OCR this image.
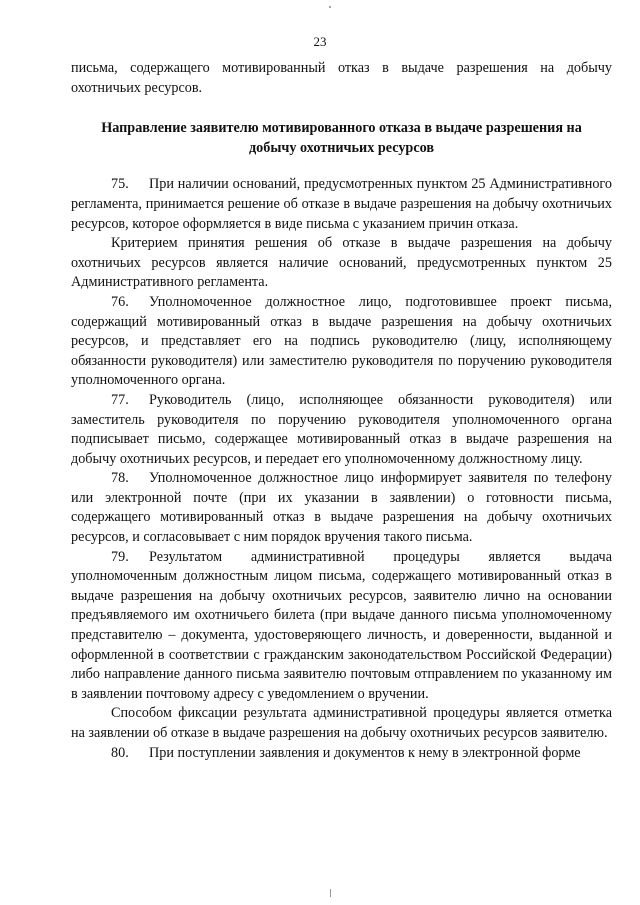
23

письма, содержащего мотивированный отказ в выдаче разрешения на добычу охотничьих ресурсов.

Направление заявителю мотивированного отказа в выдаче разрешения на добычу охотничьих ресурсов

75. При наличии оснований, предусмотренных пунктом 25 Административного регламента, принимается решение об отказе в выдаче разрешения на добычу охотничьих ресурсов, которое оформляется в виде письма с указанием причин отказа.

Критерием принятия решения об отказе в выдаче разрешения на добычу охотничьих ресурсов является наличие оснований, предусмотренных пунктом 25 Административного регламента.

76. Уполномоченное должностное лицо, подготовившее проект письма, содержащий мотивированный отказ в выдаче разрешения на добычу охотничьих ресурсов, и представляет его на подпись руководителю (лицу, исполняющему обязанности руководителя) или заместителю руководителя по поручению руководителя уполномоченного органа.

77. Руководитель (лицо, исполняющее обязанности руководителя) или заместитель руководителя по поручению руководителя уполномоченного органа подписывает письмо, содержащее мотивированный отказ в выдаче разрешения на добычу охотничьих ресурсов, и передает его уполномоченному должностному лицу.

78. Уполномоченное должностное лицо информирует заявителя по телефону или электронной почте (при их указании в заявлении) о готовности письма, содержащего мотивированный отказ в выдаче разрешения на добычу охотничьих ресурсов, и согласовывает с ним порядок вручения такого письма.

79. Результатом административной процедуры является выдача уполномоченным должностным лицом письма, содержащего мотивированный отказ в выдаче разрешения на добычу охотничьих ресурсов, заявителю лично на основании предъявляемого им охотничьего билета (при выдаче данного письма уполномоченному представителю – документа, удостоверяющего личность, и доверенности, выданной и оформленной в соответствии с гражданским законодательством Российской Федерации) либо направление данного письма заявителю почтовым отправлением по указанному им в заявлении почтовому адресу с уведомлением о вручении.

Способом фиксации результата административной процедуры является отметка на заявлении об отказе в выдаче разрешения на добычу охотничьих ресурсов заявителю.

80. При поступлении заявления и документов к нему в электронной форме
